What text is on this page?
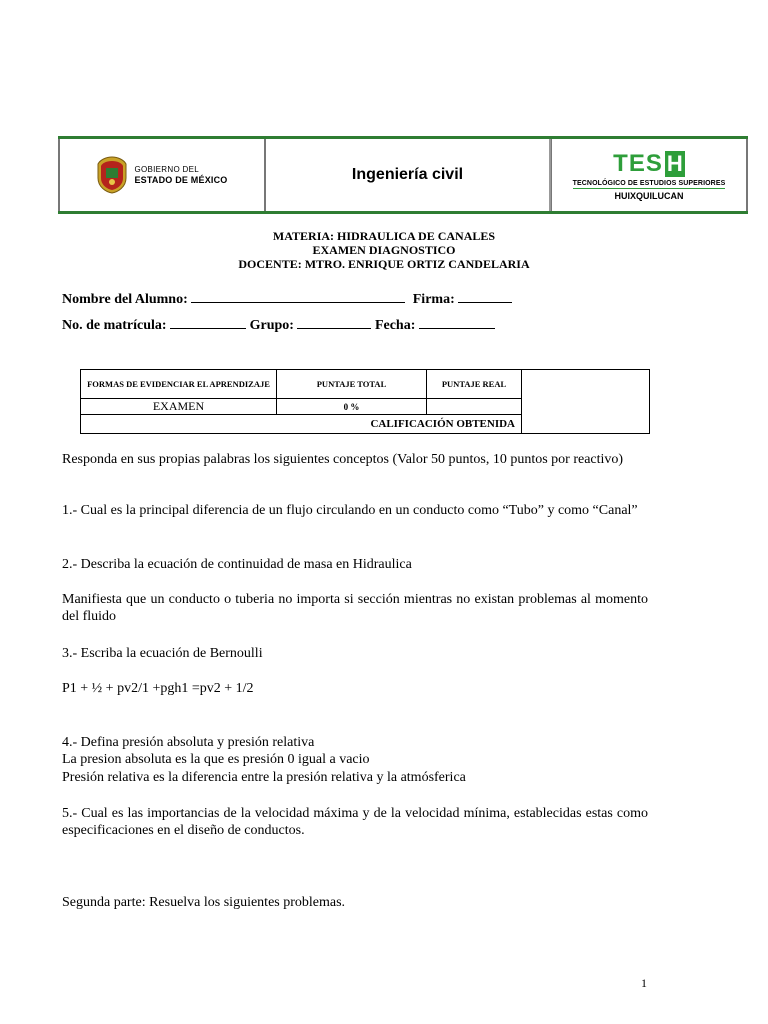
GOBIERNO DEL
ESTADO DE MÉXICO	Ingeniería civil	TES H
TECNOLÓGICO DE ESTUDIOS SUPERIORES
HUIXQUILUCAN
MATERIA: HIDRAULICA DE CANALES
EXAMEN DIAGNOSTICO
DOCENTE: MTRO. ENRIQUE ORTIZ CANDELARIA
Nombre del Alumno:	Firma:
No. de matrícula:	Grupo:	Fecha:
FORMAS DE EVIDENCIAR EL APRENDIZAJE	PUNTAJE TOTAL	PUNTAJE REAL	
EXAMEN	0 %		
CALIFICACIÓN OBTENIDA			
Responda en sus propias palabras los siguientes conceptos (Valor 50 puntos, 10 puntos por reactivo)
1.- Cual es la principal diferencia de un flujo circulando en un conducto como “Tubo” y como “Canal”
2.- Describa la ecuación de continuidad de masa en Hidraulica
Manifiesta que un conducto o tuberia no importa si sección mientras no existan problemas al momento del fluido
3.- Escriba la ecuación de Bernoulli
P1 + ½ + pv2/1 +pgh1 =pv2 + 1/2
4.- Defina presión absoluta y presión relativa
La presion absoluta es la que es presión 0 igual a vacio
Presión relativa es la diferencia entre la presión relativa y la atmósferica
5.- Cual es las importancias de la velocidad máxima y de la velocidad mínima, establecidas estas como especificaciones en el diseño de conductos.
Segunda parte: Resuelva los siguientes problemas.
1
